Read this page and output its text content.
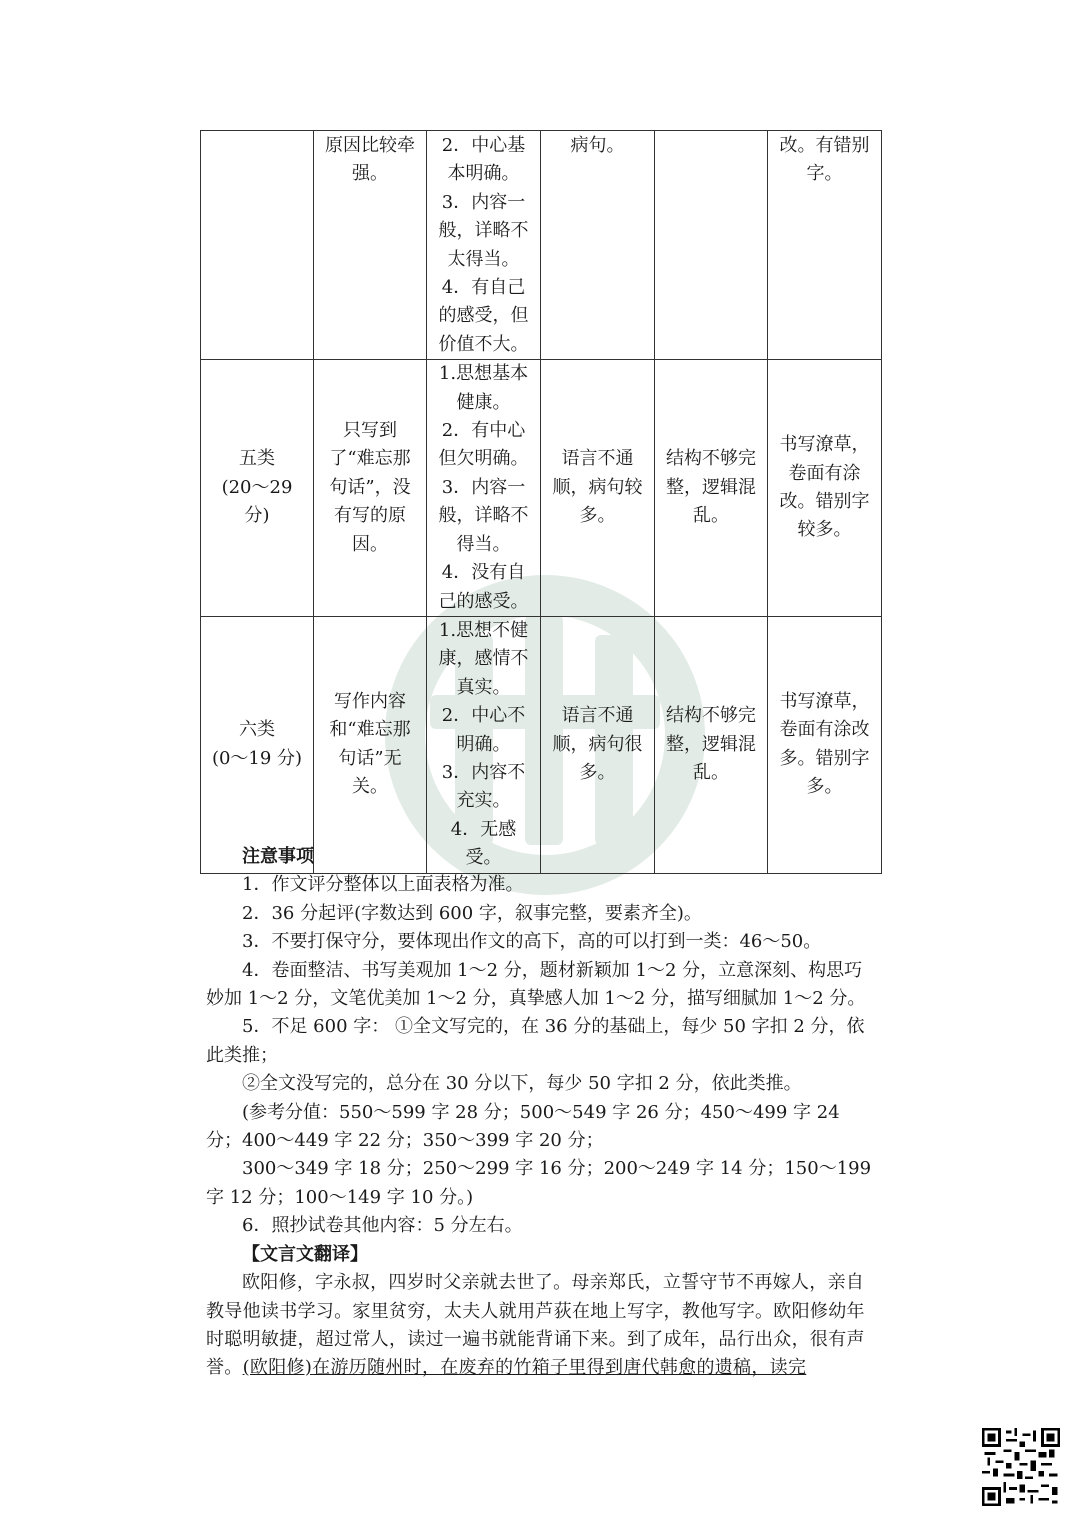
	原因比较牵强。	2．中心基本明确。
3．内容一般，详略不太得当。
4．有自己的感受，但价值不大。	病句。		改。有错别字。

五类
(20～29 分)	只写到了“难忘那句话”，没有写的原因。	1.思想基本健康。
2．有中心但欠明确。
3．内容一般，详略不得当。
4．没有自己的感受。	语言不通顺，病句较多。	结构不够完整，逻辑混乱。	书写潦草，卷面有涂改。错别字较多。

六类
(0～19 分)	写作内容和“难忘那句话”无关。	1.思想不健康，感情不真实。
2．中心不明确。
3．内容不充实。
4．无感受。	语言不通顺，病句很多。	结构不够完整，逻辑混乱。	书写潦草，卷面有涂改多。错别字多。

注意事项

1．作文评分整体以上面表格为准。

2．36 分起评(字数达到 600 字，叙事完整，要素齐全)。

3．不要打保守分，要体现出作文的高下，高的可以打到一类：46～50。

4．卷面整洁、书写美观加 1～2 分，题材新颖加 1～2 分，立意深刻、构思巧妙加 1～2 分，文笔优美加 1～2 分，真挚感人加 1～2 分，描写细腻加 1～2 分。

5．不足 600 字： ①全文写完的，在 36 分的基础上，每少 50 字扣 2 分，依此类推；

②全文没写完的，总分在 30 分以下，每少 50 字扣 2 分，依此类推。

(参考分值：550～599 字 28 分；500～549 字 26 分；450～499 字 24 分；400～449 字 22 分；350～399 字 20 分；

300～349 字 18 分；250～299 字 16 分；200～249 字 14 分；150～199 字 12 分；100～149 字 10 分。)

6．照抄试卷其他内容：5 分左右。

【文言文翻译】

欧阳修，字永叔，四岁时父亲就去世了。母亲郑氏，立誓守节不再嫁人，亲自教导他读书学习。家里贫穷，太夫人就用芦荻在地上写字，教他写字。欧阳修幼年时聪明敏捷，超过常人，读过一遍书就能背诵下来。到了成年，品行出众，很有声誉。(欧阳修)在游历随州时，在废弃的竹箱子里得到唐代韩愈的遗稿，读完
